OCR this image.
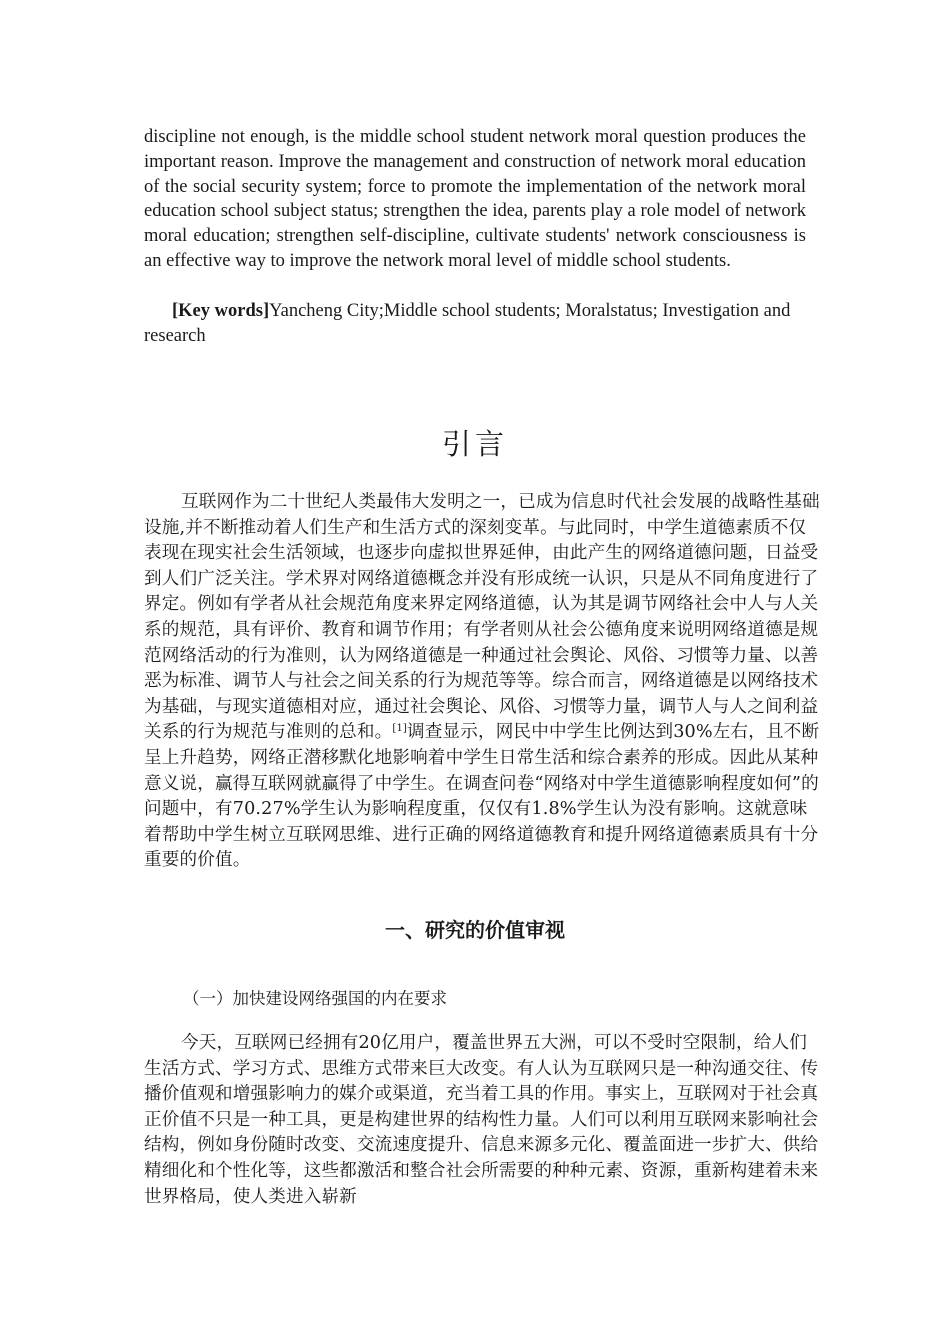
discipline not enough, is the middle school student network moral question produces the important reason. Improve the management and construction of network moral education of the social security system; force to promote the implementation of the network moral education school subject status; strengthen the idea, parents play a role model of network moral education; strengthen self-discipline, cultivate students' network consciousness is an effective way to improve the network moral level of middle school students.

[Key words]Yancheng City;Middle school students; Moralstatus; Investigation and research

引言

互联网作为二十世纪人类最伟大发明之一，已成为信息时代社会发展的战略性基础设施,并不断推动着人们生产和生活方式的深刻变革。与此同时，中学生道德素质不仅表现在现实社会生活领域，也逐步向虚拟世界延伸，由此产生的网络道德问题，日益受到人们广泛关注。学术界对网络道德概念并没有形成统一认识，只是从不同角度进行了界定。例如有学者从社会规范角度来界定网络道德，认为其是调节网络社会中人与人关系的规范，具有评价、教育和调节作用；有学者则从社会公德角度来说明网络道德是规范网络活动的行为准则，认为网络道德是一种通过社会舆论、风俗、习惯等力量、以善恶为标准、调节人与社会之间关系的行为规范等等。综合而言，网络道德是以网络技术为基础，与现实道德相对应，通过社会舆论、风俗、习惯等力量，调节人与人之间利益关系的行为规范与准则的总和。[1]调查显示，网民中中学生比例达到30%左右，且不断呈上升趋势，网络正潜移默化地影响着中学生日常生活和综合素养的形成。因此从某种意义说，赢得互联网就赢得了中学生。在调查问卷“网络对中学生道德影响程度如何”的问题中，有70.27%学生认为影响程度重，仅仅有1.8%学生认为没有影响。这就意味着帮助中学生树立互联网思维、进行正确的网络道德教育和提升网络道德素质具有十分重要的价值。

一、研究的价值审视
（一）加快建设网络强国的内在要求

今天，互联网已经拥有20亿用户，覆盖世界五大洲，可以不受时空限制，给人们生活方式、学习方式、思维方式带来巨大改变。有人认为互联网只是一种沟通交往、传播价值观和增强影响力的媒介或渠道，充当着工具的作用。事实上，互联网对于社会真正价值不只是一种工具，更是构建世界的结构性力量。人们可以利用互联网来影响社会结构，例如身份随时改变、交流速度提升、信息来源多元化、覆盖面进一步扩大、供给精细化和个性化等，这些都激活和整合社会所需要的种种元素、资源，重新构建着未来世界格局，使人类进入崭新
